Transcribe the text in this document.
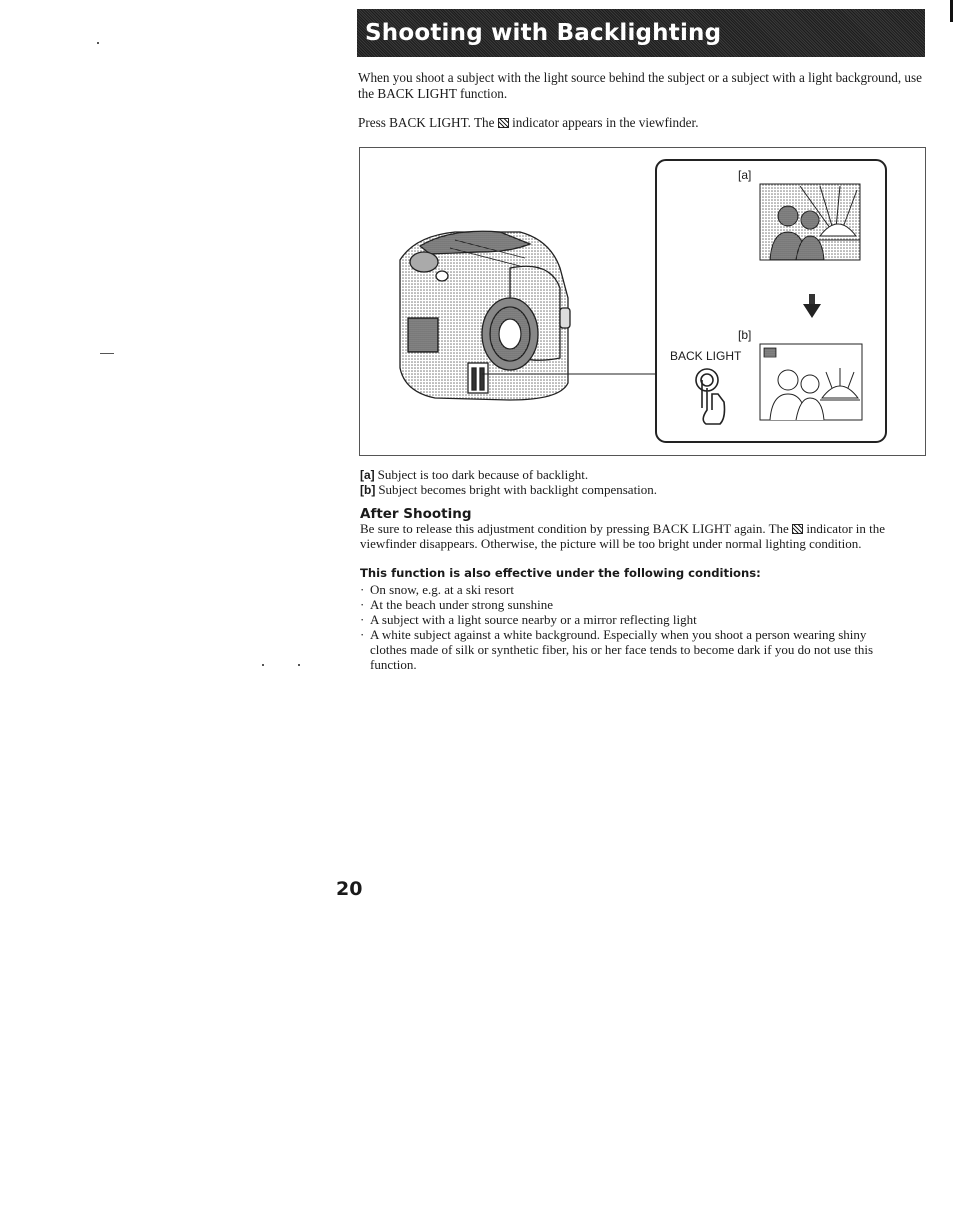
Shooting with Backlighting

When you shoot a subject with the light source behind the subject or a subject with a light background, use the BACK LIGHT function.

Press BACK LIGHT. The indicator appears in the viewfinder.

[a]
[b]
BACK LIGHT

[a] Subject is too dark because of backlight.

[b] Subject becomes bright with backlight compensation.

After Shooting

Be sure to release this adjustment condition by pressing BACK LIGHT again. The indicator in the viewfinder disappears. Otherwise, the picture will be too bright under normal lighting condition.

This function is also effective under the following conditions:
· On snow, e.g. at a ski resort
· At the beach under strong sunshine
· A subject with a light source nearby or a mirror reflecting light
· A white subject against a white background. Especially when you shoot a person wearing shiny clothes made of silk or synthetic fiber, his or her face tends to become dark if you do not use this function.

20
